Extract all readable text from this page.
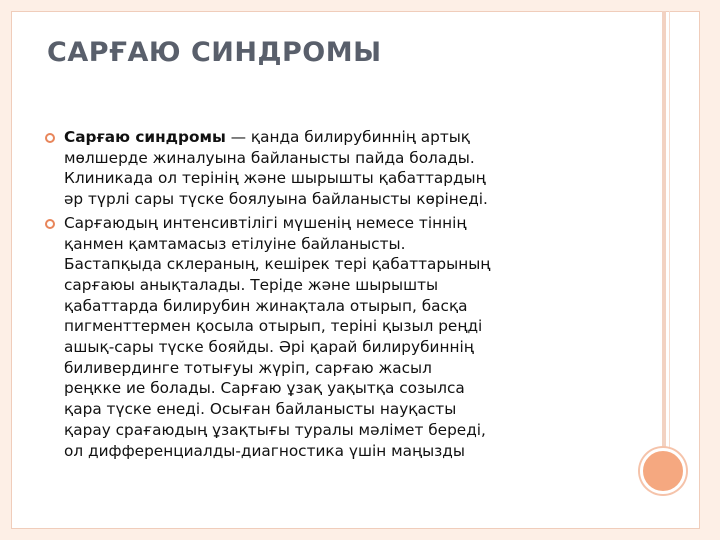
САРҒАЮ СИНДРОМЫ
Сарғаю синдромы — қанда билирубиннің артық
мөлшерде жиналуына байланысты пайда болады.
Клиникада ол терінің және шырышты қабаттардың
әр түрлі сары түске боялуына байланысты көрінеді.
Сарғаюдың интенсивтілігі мүшенің немесе тіннің
қанмен қамтамасыз етілуіне байланысты.
Бастапқыда склераның, кешірек тері қабаттарының
сарғаюы анықталады. Теріде және шырышты
қабаттарда билирубин жинақтала отырып, басқа
пигменттермен қосыла отырып, теріні қызыл реңді
ашық-сары түске бояйды. Әрі қарай билирубиннің
биливердинге тотығуы жүріп, сарғаю жасыл
реңкке ие болады. Сарғаю ұзақ уақытқа созылса
қара түске енеді. Осыған байланысты науқасты
қарау срағаюдың ұзақтығы туралы мәлімет береді,
ол дифференциалды-диагностика үшін маңызды
